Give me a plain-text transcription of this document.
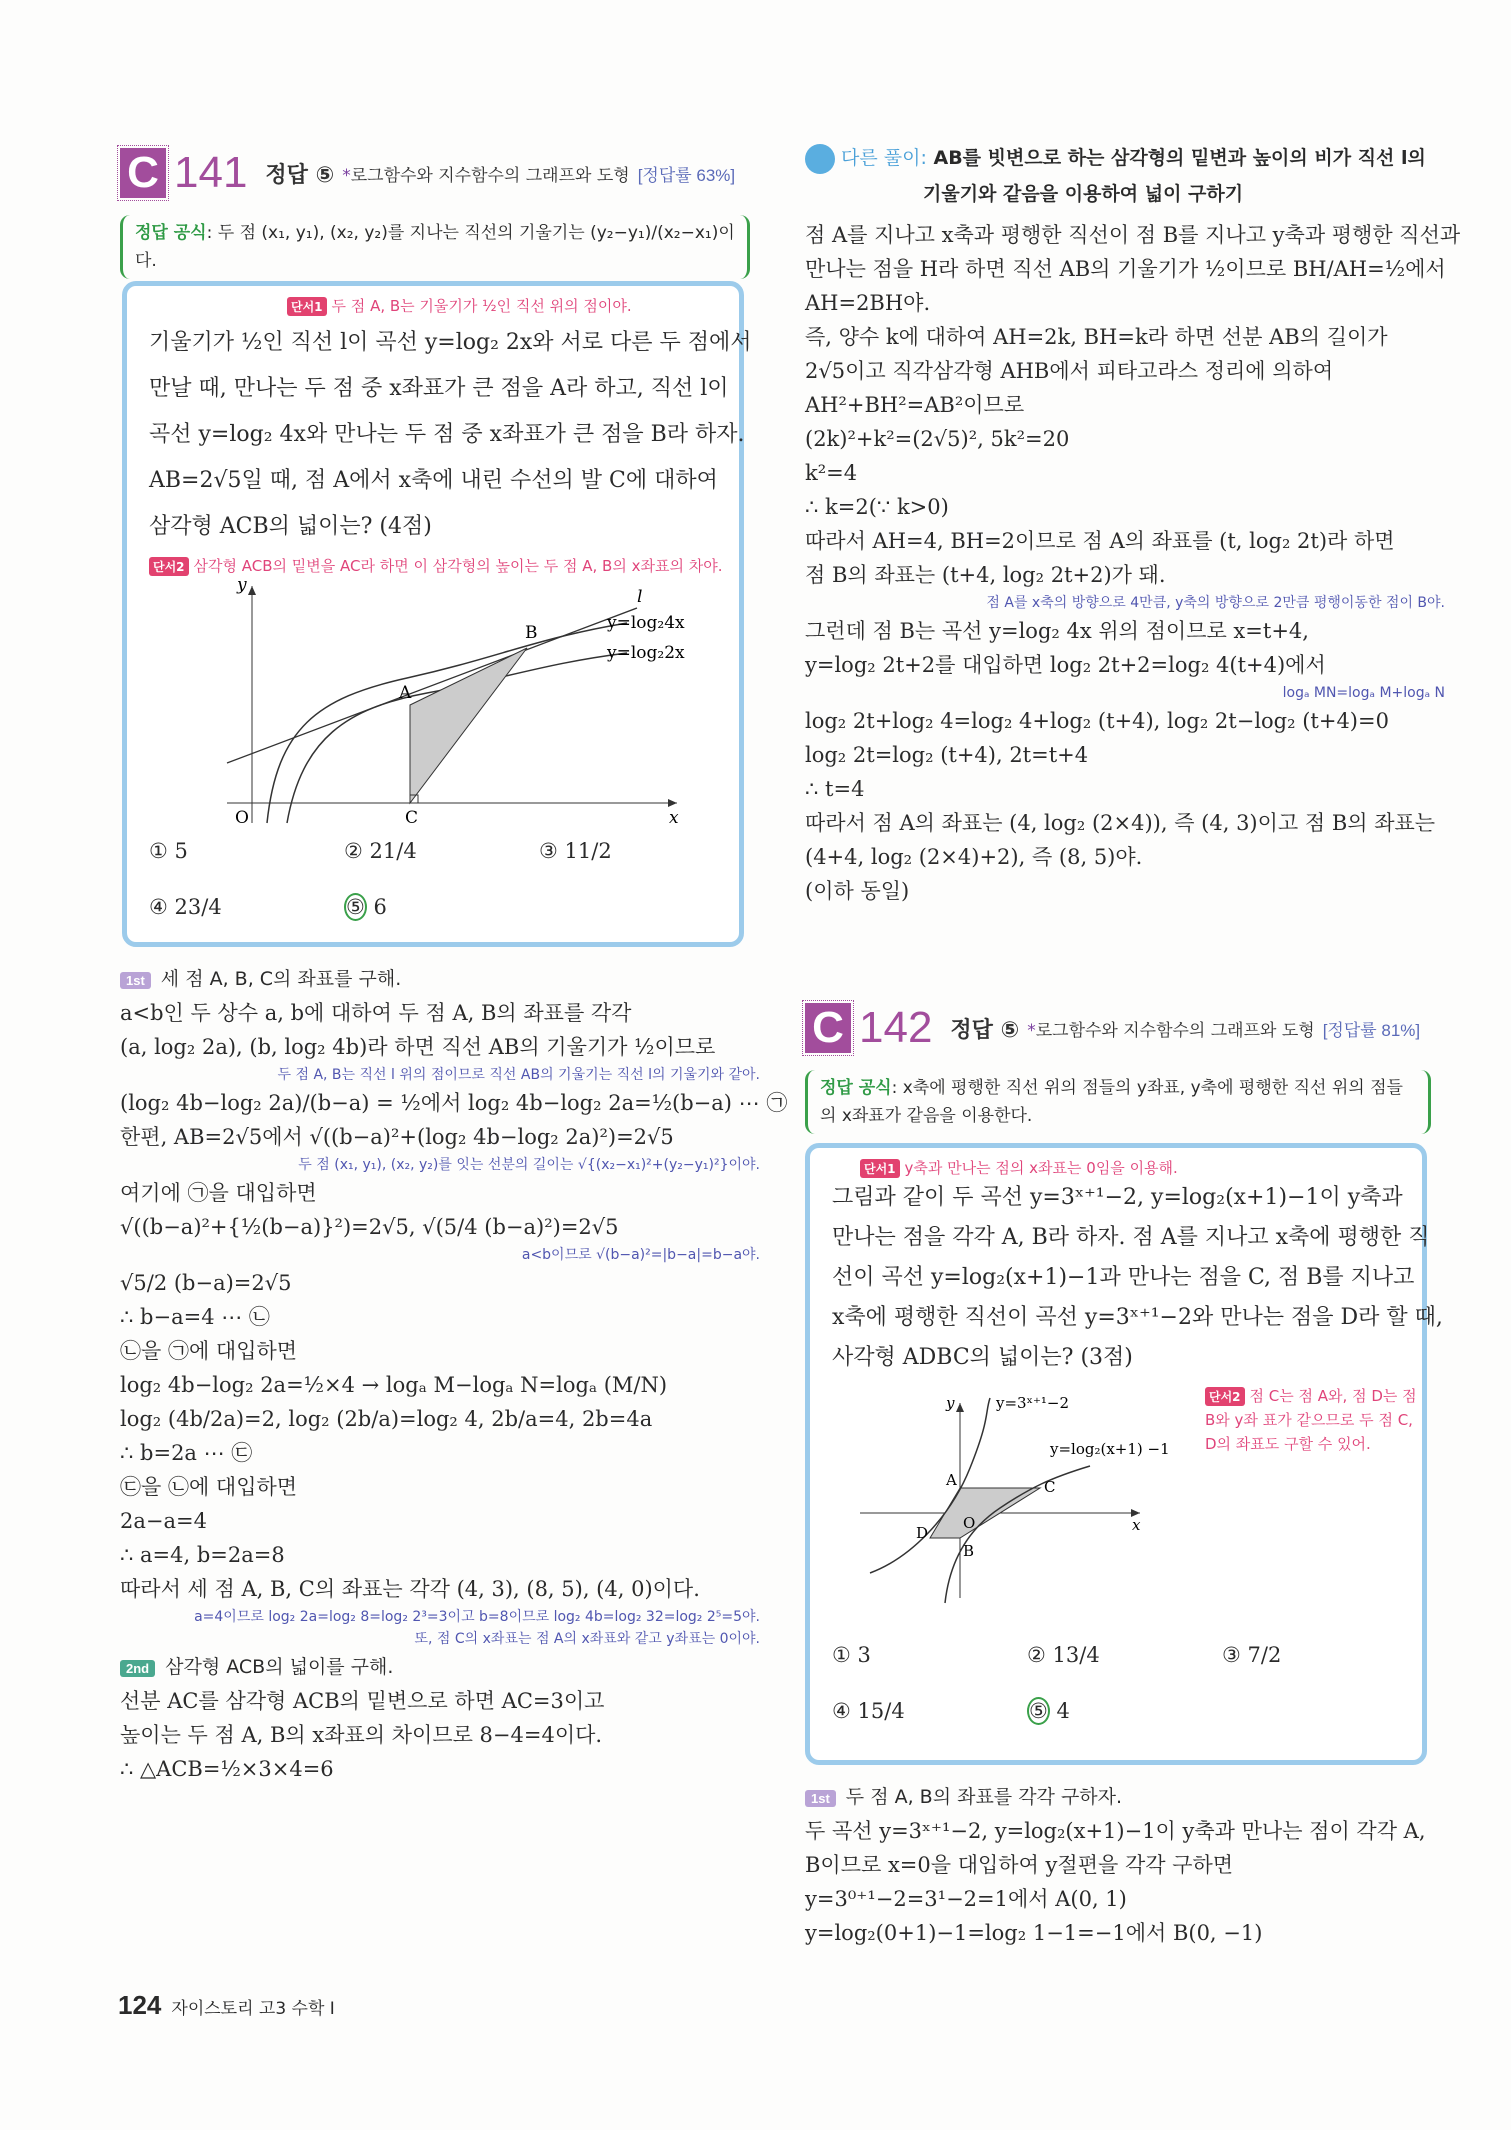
C 141 정답 ⑤ *로그함수와 지수함수의 그래프와 도형 [정답률 63%]
정답 공식: 두 점 (x₁, y₁), (x₂, y₂)를 지나는 직선의 기울기는 (y₂−y₁)/(x₂−x₁)이다.
단서1 두 점 A, B는 기울기가 ½인 직선 위의 점이야.
기울기가 ½인 직선 l이 곡선 y=log₂ 2x와 서로 다른 두 점에서
만날 때, 만나는 두 점 중 x좌표가 큰 점을 A라 하고, 직선 l이
곡선 y=log₂ 4x와 만나는 두 점 중 x좌표가 큰 점을 B라 하자.
AB=2√5일 때, 점 A에서 x축에 내린 수선의 발 C에 대하여
삼각형 ACB의 넓이는? (4점)
단서2 삼각형 ACB의 밑변을 AC라 하면 이 삼각형의 높이는 두 점 A, B의 x좌표의 차야.
y
x
O
l
y=log₂4x
y=log₂2x
A
B
C
① 5	② 21/4	③ 11/2
④ 23/4	⑤ 6
1st 세 점 A, B, C의 좌표를 구해.
a<b인 두 상수 a, b에 대하여 두 점 A, B의 좌표를 각각
(a, log₂ 2a), (b, log₂ 4b)라 하면 직선 AB의 기울기가 ½이므로
두 점 A, B는 직선 l 위의 점이므로 직선 AB의 기울기는 직선 l의 기울기와 같아.
(log₂ 4b−log₂ 2a)/(b−a) = ½에서 log₂ 4b−log₂ 2a=½(b−a) ⋯ ㉠
한편, AB=2√5에서 √((b−a)²+(log₂ 4b−log₂ 2a)²)=2√5
두 점 (x₁, y₁), (x₂, y₂)를 잇는 선분의 길이는 √{(x₂−x₁)²+(y₂−y₁)²}이야.
여기에 ㉠을 대입하면
√((b−a)²+{½(b−a)}²)=2√5, √(5/4 (b−a)²)=2√5
a<b이므로 √(b−a)²=|b−a|=b−a야.
√5/2 (b−a)=2√5
∴ b−a=4 ⋯ ㉡
㉡을 ㉠에 대입하면
log₂ 4b−log₂ 2a=½×4 → logₐ M−logₐ N=logₐ (M/N)
log₂ (4b/2a)=2, log₂ (2b/a)=log₂ 4, 2b/a=4, 2b=4a
∴ b=2a ⋯ ㉢
㉢을 ㉡에 대입하면
2a−a=4
∴ a=4, b=2a=8
따라서 세 점 A, B, C의 좌표는 각각 (4, 3), (8, 5), (4, 0)이다.
a=4이므로 log₂ 2a=log₂ 8=log₂ 2³=3이고 b=8이므로 log₂ 4b=log₂ 32=log₂ 2⁵=5야.
또, 점 C의 x좌표는 점 A의 x좌표와 같고 y좌표는 0이야.
2nd 삼각형 ACB의 넓이를 구해.
선분 AC를 삼각형 ACB의 밑변으로 하면 AC=3이고
높이는 두 점 A, B의 x좌표의 차이므로 8−4=4이다.
∴ △ACB=½×3×4=6
124 자이스토리 고3 수학 I
다른 풀이: AB를 빗변으로 하는 삼각형의 밑변과 높이의 비가 직선 l의
기울기와 같음을 이용하여 넓이 구하기
점 A를 지나고 x축과 평행한 직선이 점 B를 지나고 y축과 평행한 직선과
만나는 점을 H라 하면 직선 AB의 기울기가 ½이므로 BH/AH=½에서
AH=2BH야.
즉, 양수 k에 대하여 AH=2k, BH=k라 하면 선분 AB의 길이가
2√5이고 직각삼각형 AHB에서 피타고라스 정리에 의하여
AH²+BH²=AB²이므로
(2k)²+k²=(2√5)², 5k²=20
k²=4
∴ k=2(∵ k>0)
따라서 AH=4, BH=2이므로 점 A의 좌표를 (t, log₂ 2t)라 하면
점 B의 좌표는 (t+4, log₂ 2t+2)가 돼.
점 A를 x축의 방향으로 4만큼, y축의 방향으로 2만큼 평행이동한 점이 B야.
그런데 점 B는 곡선 y=log₂ 4x 위의 점이므로 x=t+4,
y=log₂ 2t+2를 대입하면 log₂ 2t+2=log₂ 4(t+4)에서
logₐ MN=logₐ M+logₐ N
log₂ 2t+log₂ 4=log₂ 4+log₂ (t+4), log₂ 2t−log₂ (t+4)=0
log₂ 2t=log₂ (t+4), 2t=t+4
∴ t=4
따라서 점 A의 좌표는 (4, log₂ (2×4)), 즉 (4, 3)이고 점 B의 좌표는
(4+4, log₂ (2×4)+2), 즉 (8, 5)야.
(이하 동일)
C 142 정답 ⑤ *로그함수와 지수함수의 그래프와 도형 [정답률 81%]
정답 공식: x축에 평행한 직선 위의 점들의 y좌표, y축에 평행한 직선 위의 점들의 x좌표가 같음을 이용한다.
단서1 y축과 만나는 점의 x좌표는 0임을 이용해.
그림과 같이 두 곡선 y=3ˣ⁺¹−2, y=log₂(x+1)−1이 y축과
만나는 점을 각각 A, B라 하자. 점 A를 지나고 x축에 평행한 직
선이 곡선 y=log₂(x+1)−1과 만나는 점을 C, 점 B를 지나고
x축에 평행한 직선이 곡선 y=3ˣ⁺¹−2와 만나는 점을 D라 할 때,
사각형 ADBC의 넓이는? (3점)
단서2 점 C는 점 A와, 점 D는 점 B와 y좌 표가 같으므로 두 점 C, D의 좌표도 구할 수 있어.
y	y=3ˣ⁺¹−2
x
y=log₂(x+1) −1
O
A
B
C
D
① 3	② 13/4	③ 7/2
④ 15/4	⑤ 4
1st 두 점 A, B의 좌표를 각각 구하자.
두 곡선 y=3ˣ⁺¹−2, y=log₂(x+1)−1이 y축과 만나는 점이 각각 A,
B이므로 x=0을 대입하여 y절편을 각각 구하면
y=3⁰⁺¹−2=3¹−2=1에서 A(0, 1)
y=log₂(0+1)−1=log₂ 1−1=−1에서 B(0, −1)
